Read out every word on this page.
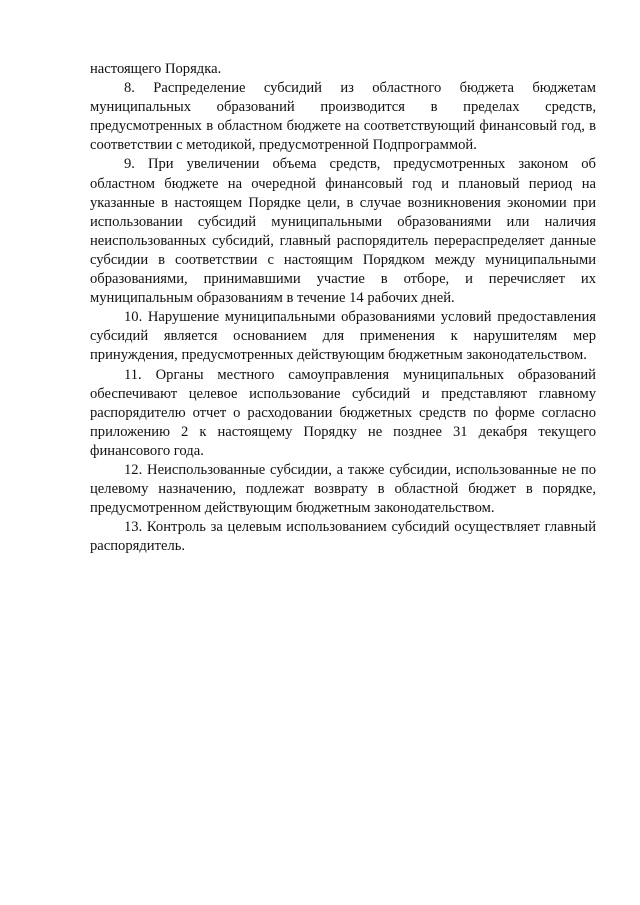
настоящего Порядка.

8. Распределение субсидий из областного бюджета бюджетам муниципальных образований производится в пределах средств, предусмотренных в областном бюджете на соответствующий финансовый год, в соответствии с методикой, предусмотренной Подпрограммой.

9. При увеличении объема средств, предусмотренных законом об областном бюджете на очередной финансовый год и плановый период на указанные в настоящем Порядке цели, в случае возникновения экономии при использовании субсидий муниципальными образованиями или наличия неиспользованных субсидий, главный распорядитель перераспределяет данные субсидии в соответствии с настоящим Порядком между муниципальными образованиями, принимавшими участие в отборе, и перечисляет их муниципальным образованиям в течение 14 рабочих дней.

10. Нарушение муниципальными образованиями условий предоставления субсидий является основанием для применения к нарушителям мер принуждения, предусмотренных действующим бюджетным законодательством.

11. Органы местного самоуправления муниципальных образований обеспечивают целевое использование субсидий и представляют главному распорядителю отчет о расходовании бюджетных средств по форме согласно приложению 2 к настоящему Порядку не позднее 31 декабря текущего финансового года.

12. Неиспользованные субсидии, а также субсидии, использованные не по целевому назначению, подлежат возврату в областной бюджет в порядке, предусмотренном действующим бюджетным законодательством.

13. Контроль за целевым использованием субсидий осуществляет главный распорядитель.
